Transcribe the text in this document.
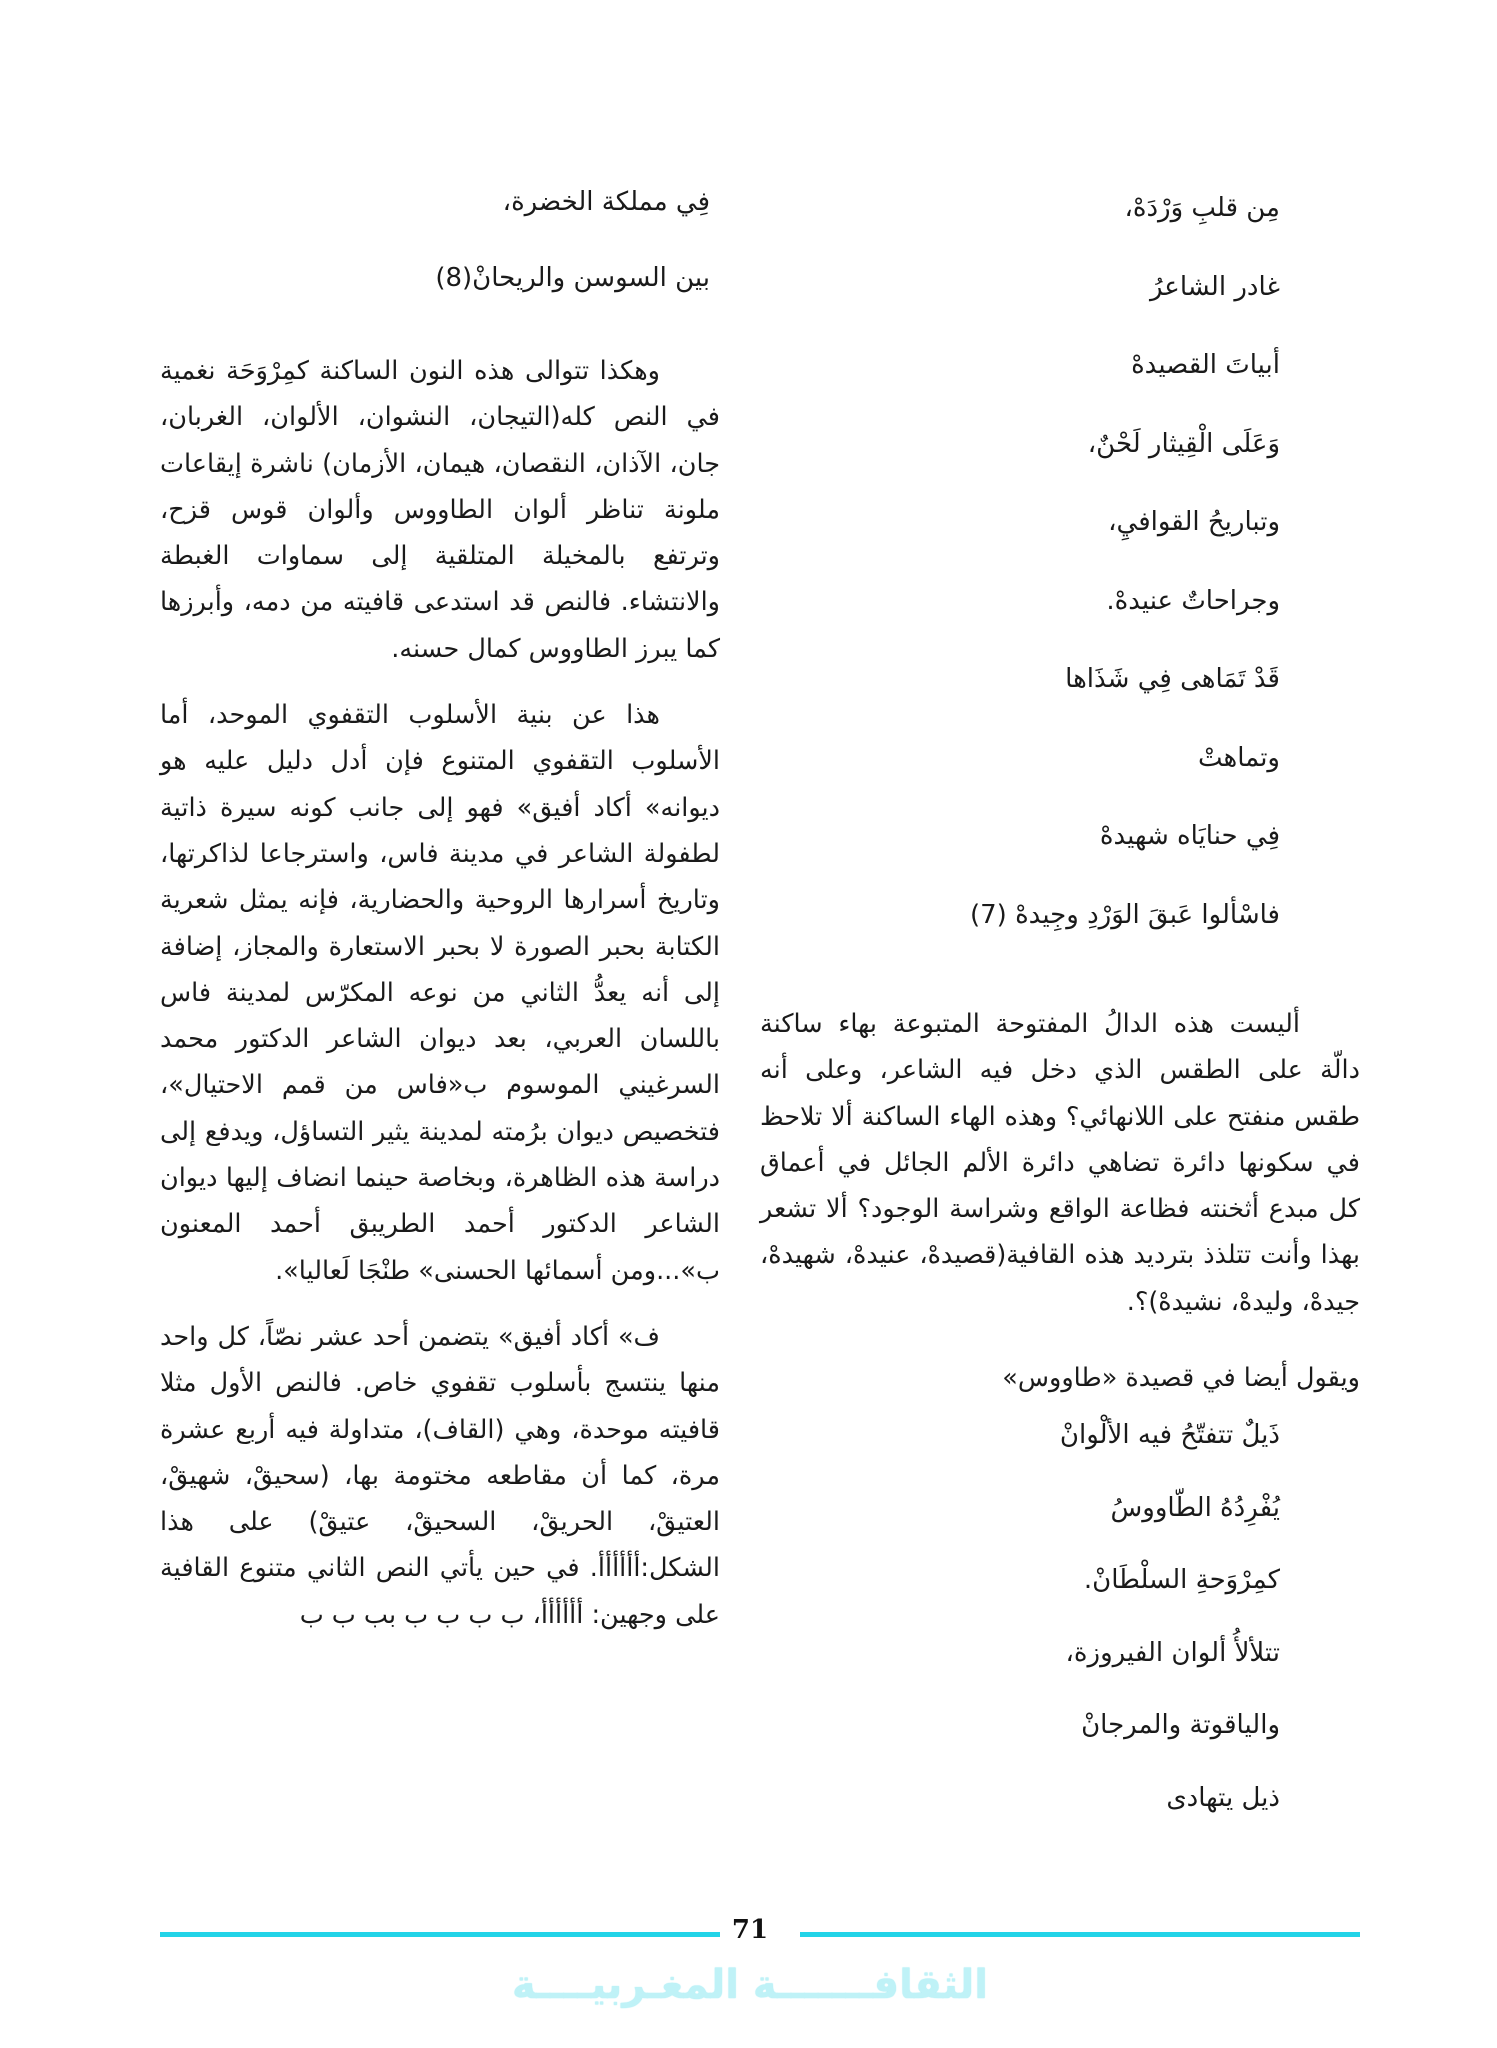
مِن قلبِ وَرْدَهْ،
غادر الشاعرُ
أبياتَ القصيدهْ
وَعَلَى الْقِيثار لَحْنٌ،
وتباريحُ القوافيِ،
وجراحاتٌ عنيدهْ.
قَدْ تَمَاهى فِي شَذَاها
وتماهتْ
فِي حنايَاه شهيدهْ
فاسْألوا عَبقَ الوَرْدِ وجِيدهْ (7)

أليست هذه الدالُ المفتوحة المتبوعة بهاء ساكنة دالّة على الطقس الذي دخل فيه الشاعر، وعلى أنه طقس منفتح على اللانهائي؟ وهذه الهاء الساكنة ألا تلاحظ في سكونها دائرة تضاهي دائرة الألم الجائل في أعماق كل مبدع أثخنته فظاعة الواقع وشراسة الوجود؟ ألا تشعر بهذا وأنت تتلذذ بترديد هذه القافية(قصيدهْ، عنيدهْ، شهيدهْ، جيدهْ، وليدهْ، نشيدهْ)؟.

ويقول أيضا في قصيدة «طاووس»

ذَيلٌ تتفتّحُ فيه الألْوانْ
يُفْرِدُهُ الطّاووسُ
كمِرْوَحةِ السلْطَانْ.
تتلألأُ ألوان الفيروزة،
والياقوتة والمرجانْ
ذيل يتهادى
فِي مملكة الخضرة،
بين السوسن والريحانْ(8)

وهكذا تتوالى هذه النون الساكنة كمِرْوَحَة نغمية في النص كله(التيجان، النشوان، الألوان، الغربان، جان، الآذان، النقصان، هيمان، الأزمان) ناشرة إيقاعات ملونة تناظر ألوان الطاووس وألوان قوس قزح، وترتفع بالمخيلة المتلقية إلى سماوات الغبطة والانتشاء. فالنص قد استدعى قافيته من دمه، وأبرزها كما يبرز الطاووس كمال حسنه.

هذا عن بنية الأسلوب التقفوي الموحد، أما الأسلوب التقفوي المتنوع فإن أدل دليل عليه هو ديوانه» أكاد أفيق» فهو إلى جانب كونه سيرة ذاتية لطفولة الشاعر في مدينة فاس، واسترجاعا لذاكرتها، وتاريخ أسرارها الروحية والحضارية، فإنه يمثل شعرية الكتابة بحبر الصورة لا بحبر الاستعارة والمجاز، إضافة إلى أنه يعدُّ الثاني من نوعه المكرّس لمدينة فاس باللسان العربي، بعد ديوان الشاعر الدكتور محمد السرغيني الموسوم ب«فاس من قمم الاحتيال»، فتخصيص ديوان برُمته لمدينة يثير التساؤل، ويدفع إلى دراسة هذه الظاهرة، وبخاصة حينما انضاف إليها ديوان الشاعر الدكتور أحمد الطريبق أحمد المعنون ب»...ومن أسمائها الحسنى» طنْجَا لَعاليا».

ف» أكاد أفيق» يتضمن أحد عشر نصّاً، كل واحد منها ينتسج بأسلوب تقفوي خاص. فالنص الأول مثلا قافيته موحدة، وهي (القاف)، متداولة فيه أربع عشرة مرة، كما أن مقاطعه مختومة بها، (سحيقْ، شهيقْ، العتيقْ، الحريقْ، السحيقْ، عتيقْ) على هذا الشكل:أأأأأأ. في حين يأتي النص الثاني متنوع القافية على وجهين: أأأأأأ، ب ب ب ب بب ب ب

71
الثقافـــــــة المغـربيــــة
